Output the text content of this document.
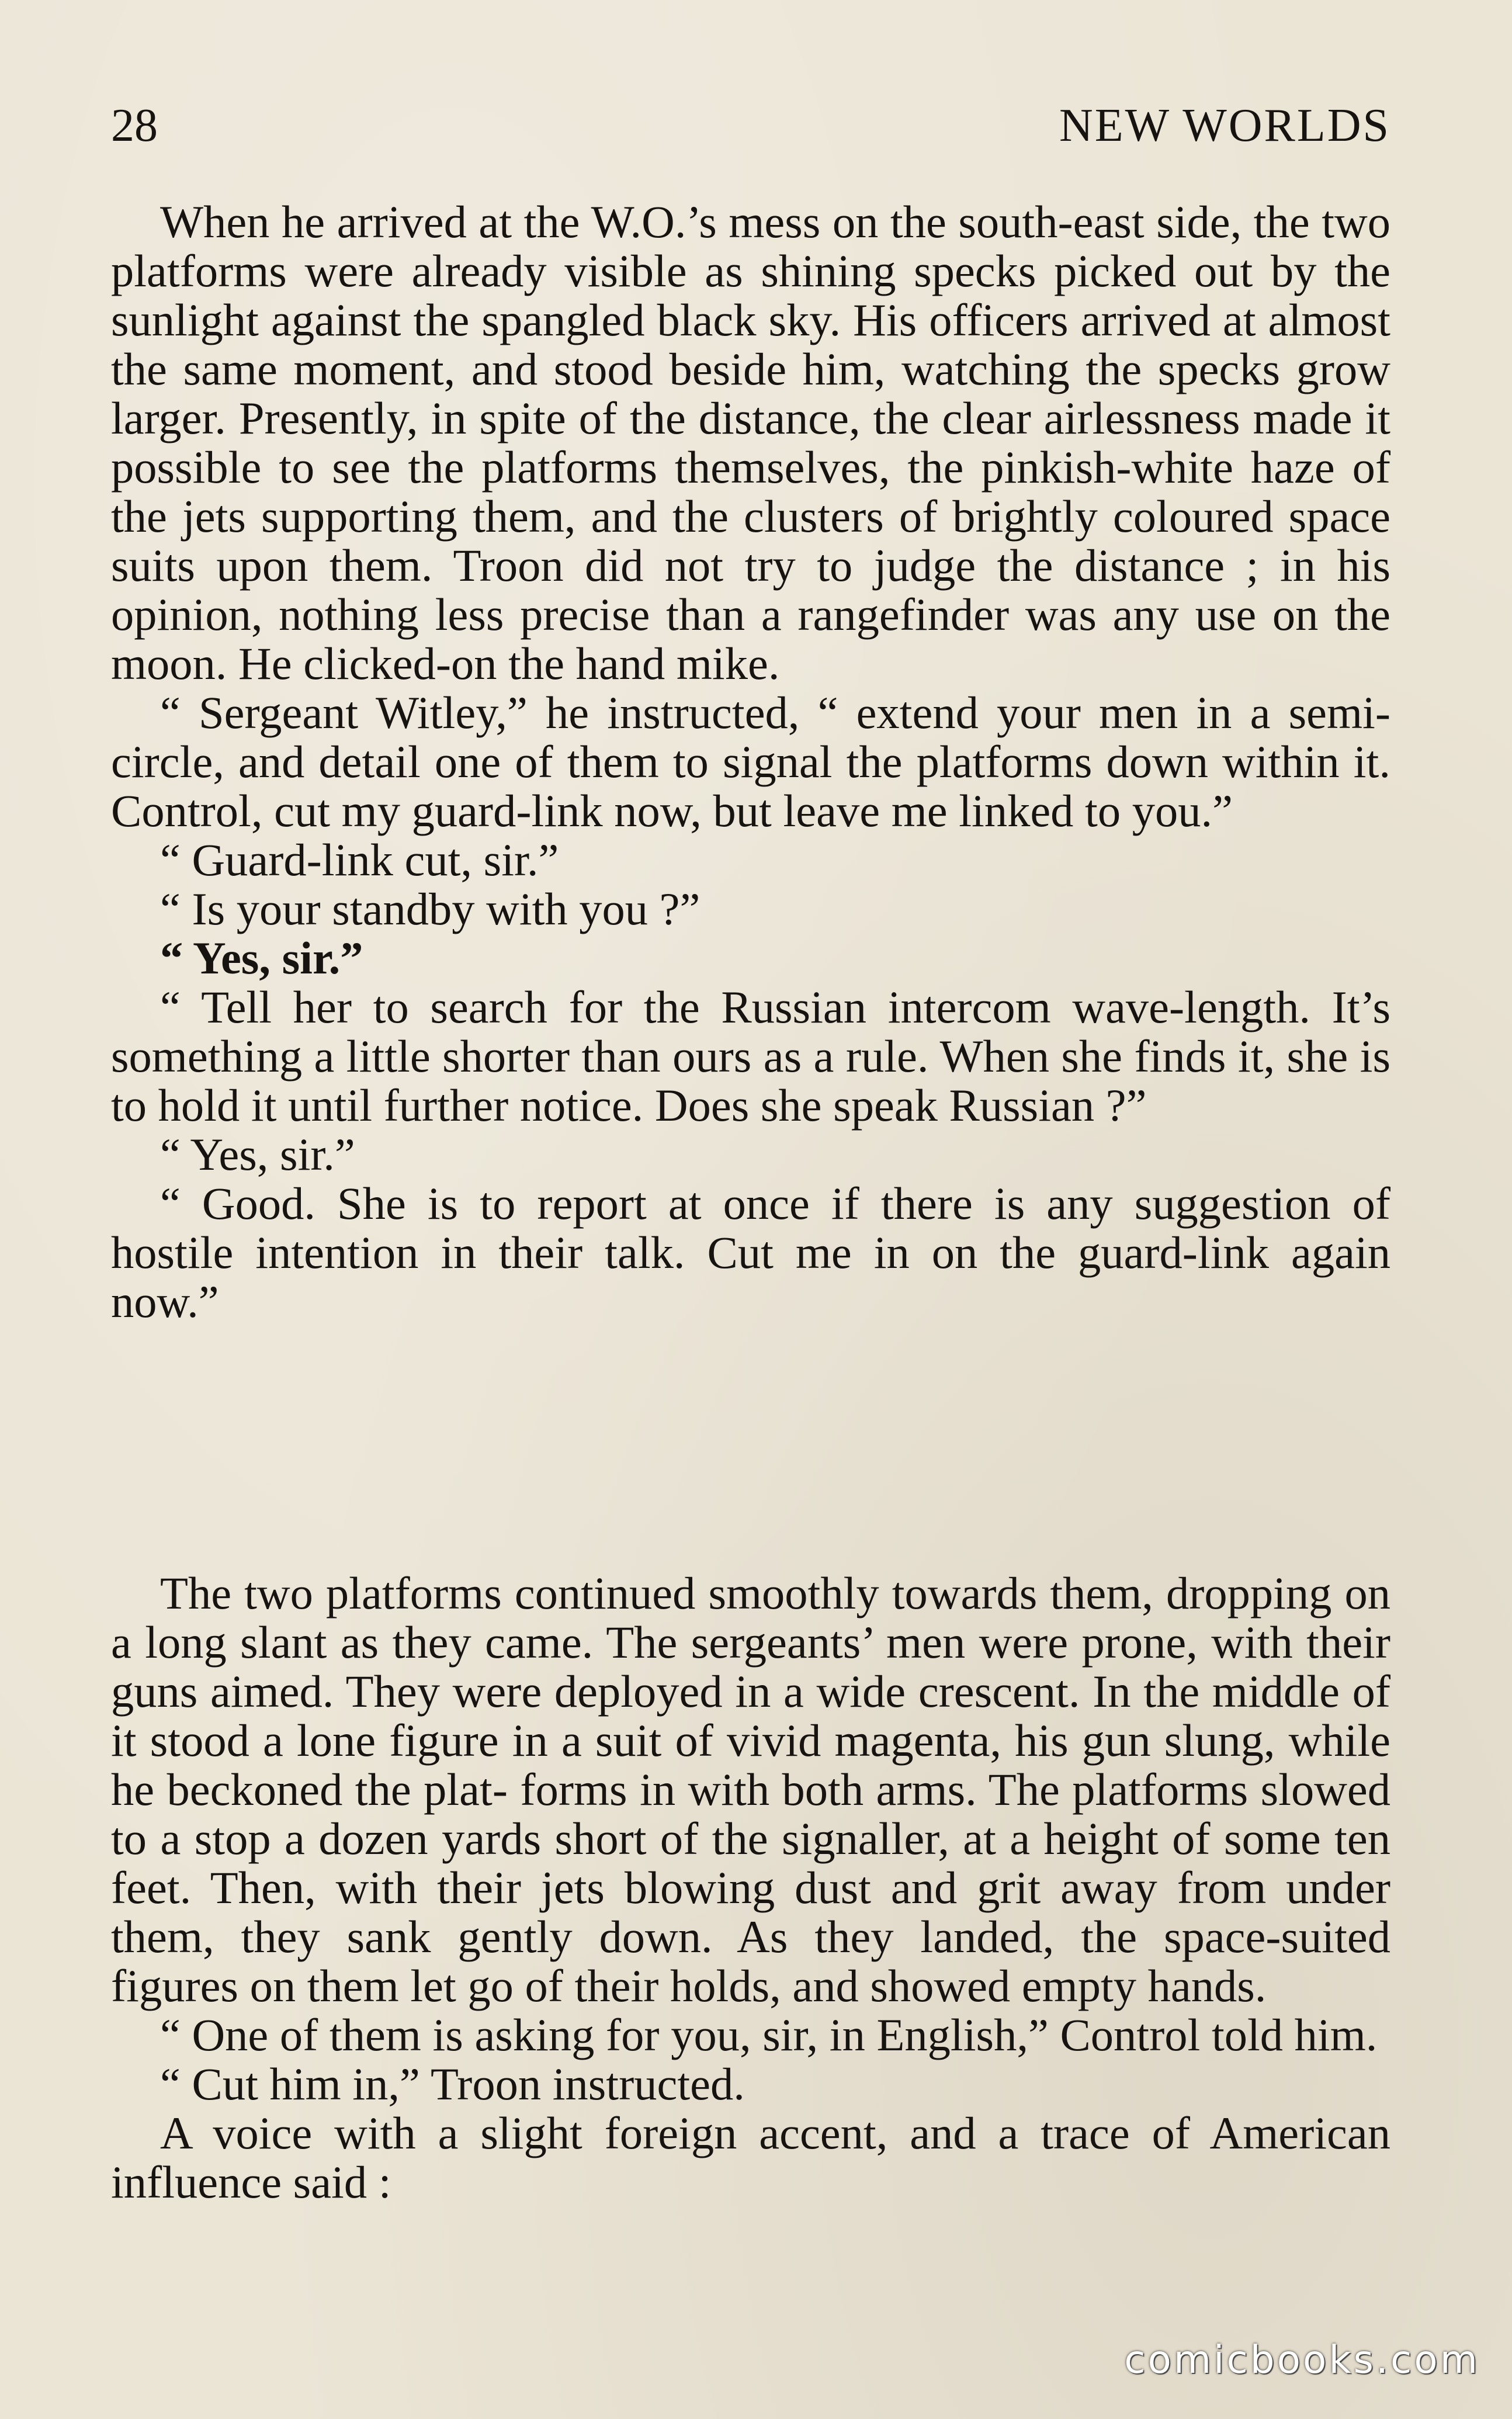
28	NEW WORLDS

When he arrived at the W.O.’s mess on the south-east side, the two platforms were already visible as shining specks picked out by the sunlight against the spangled black sky. His officers arrived at almost the same moment, and stood beside him, watching the specks grow larger. Presently, in spite of the distance, the clear airlessness made it possible to see the platforms themselves, the pinkish-white haze of the jets supporting them, and the clusters of brightly coloured space suits upon them. Troon did not try to judge the distance ; in his opinion, nothing less precise than a rangefinder was any use on the moon. He clicked-on the hand mike.

“ Sergeant Witley,” he instructed, “ extend your men in a semi-circle, and detail one of them to signal the platforms down within it. Control, cut my guard-link now, but leave me linked to you.”

“ Guard-link cut, sir.”

“ Is your standby with you ?”

“ Yes, sir.”

“ Tell her to search for the Russian intercom wave-length. It’s something a little shorter than ours as a rule. When she finds it, she is to hold it until further notice. Does she speak Russian ?”

“ Yes, sir.”

“ Good. She is to report at once if there is any suggestion of hostile intention in their talk. Cut me in on the guard-link again now.”

The two platforms continued smoothly towards them, dropping on a long slant as they came. The sergeants’ men were prone, with their guns aimed. They were deployed in a wide crescent. In the middle of it stood a lone figure in a suit of vivid magenta, his gun slung, while he beckoned the plat- forms in with both arms. The platforms slowed to a stop a dozen yards short of the signaller, at a height of some ten feet. Then, with their jets blowing dust and grit away from under them, they sank gently down. As they landed, the space-suited figures on them let go of their holds, and showed empty hands.

“ One of them is asking for you, sir, in English,” Control told him.

“ Cut him in,” Troon instructed.

A voice with a slight foreign accent, and a trace of American influence said :

comicbooks.com
